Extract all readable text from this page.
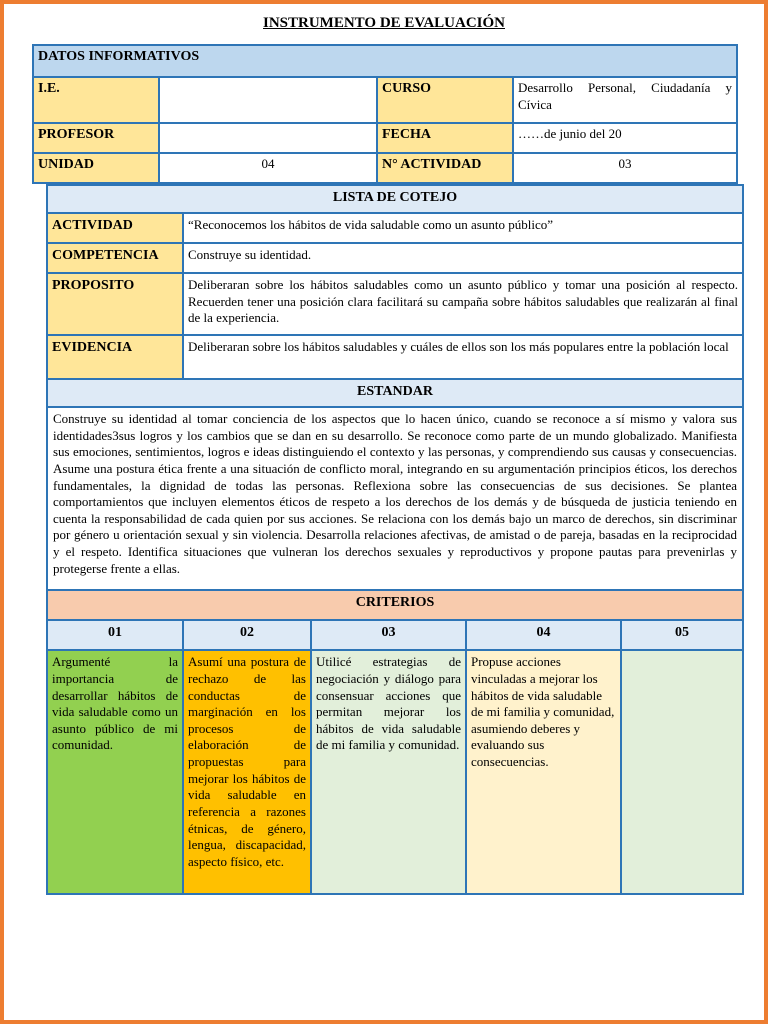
INSTRUMENTO DE EVALUACIÓN
DATOS INFORMATIVOS			
I.E.		CURSO	Desarrollo Personal, Ciudadanía y Cívica
PROFESOR		FECHA	……de junio del 20
UNIDAD	04	N° ACTIVIDAD	03
LISTA DE COTEJO				
ACTIVIDAD	“Reconocemos los hábitos de vida saludable como un asunto público”			
COMPETENCIA	Construye su identidad.			
PROPOSITO	Deliberaran sobre los hábitos saludables como un asunto público y tomar una posición al respecto. Recuerden tener una posición clara facilitará su campaña sobre hábitos saludables que realizarán al final de la experiencia.			
EVIDENCIA	Deliberaran sobre los hábitos saludables y cuáles de ellos son los más populares entre la población local			
ESTANDAR				
Construye su identidad al tomar conciencia de los aspectos que lo hacen único, cuando se reconoce a sí mismo y valora sus identidades3sus logros y los cambios que se dan en su desarrollo. Se reconoce como parte de un mundo globalizado. Manifiesta sus emociones, sentimientos, logros e ideas distinguiendo el contexto y las personas, y comprendiendo sus causas y consecuencias. Asume una postura ética frente a una situación de conflicto moral, integrando en su argumentación principios éticos, los derechos fundamentales, la dignidad de todas las personas. Reflexiona sobre las consecuencias de sus decisiones. Se plantea comportamientos que incluyen elementos éticos de respeto a los derechos de los demás y de búsqueda de justicia teniendo en cuenta la responsabilidad de cada quien por sus acciones. Se relaciona con los demás bajo un marco de derechos, sin discriminar por género u orientación sexual y sin violencia. Desarrolla relaciones afectivas, de amistad o de pareja, basadas en la reciprocidad y el respeto. Identifica situaciones que vulneran los derechos sexuales y reproductivos y propone pautas para prevenirlas y protegerse frente a ellas.				
CRITERIOS				
01	02	03	04	05
Argumenté la importancia de desarrollar hábitos de vida saludable como un asunto público de mi comunidad.	Asumí una postura de rechazo de las conductas de marginación en los procesos de elaboración de propuestas para mejorar los hábitos de vida saludable en referencia a razones étnicas, de género, lengua, discapacidad, aspecto físico, etc.	Utilicé estrategias de negociación y diálogo para consensuar acciones que permitan mejorar los hábitos de vida saludable de mi familia y comunidad.	Propuse acciones vinculadas a mejorar los hábitos de vida saludable de mi familia y comunidad, asumiendo deberes y evaluando sus consecuencias.	
